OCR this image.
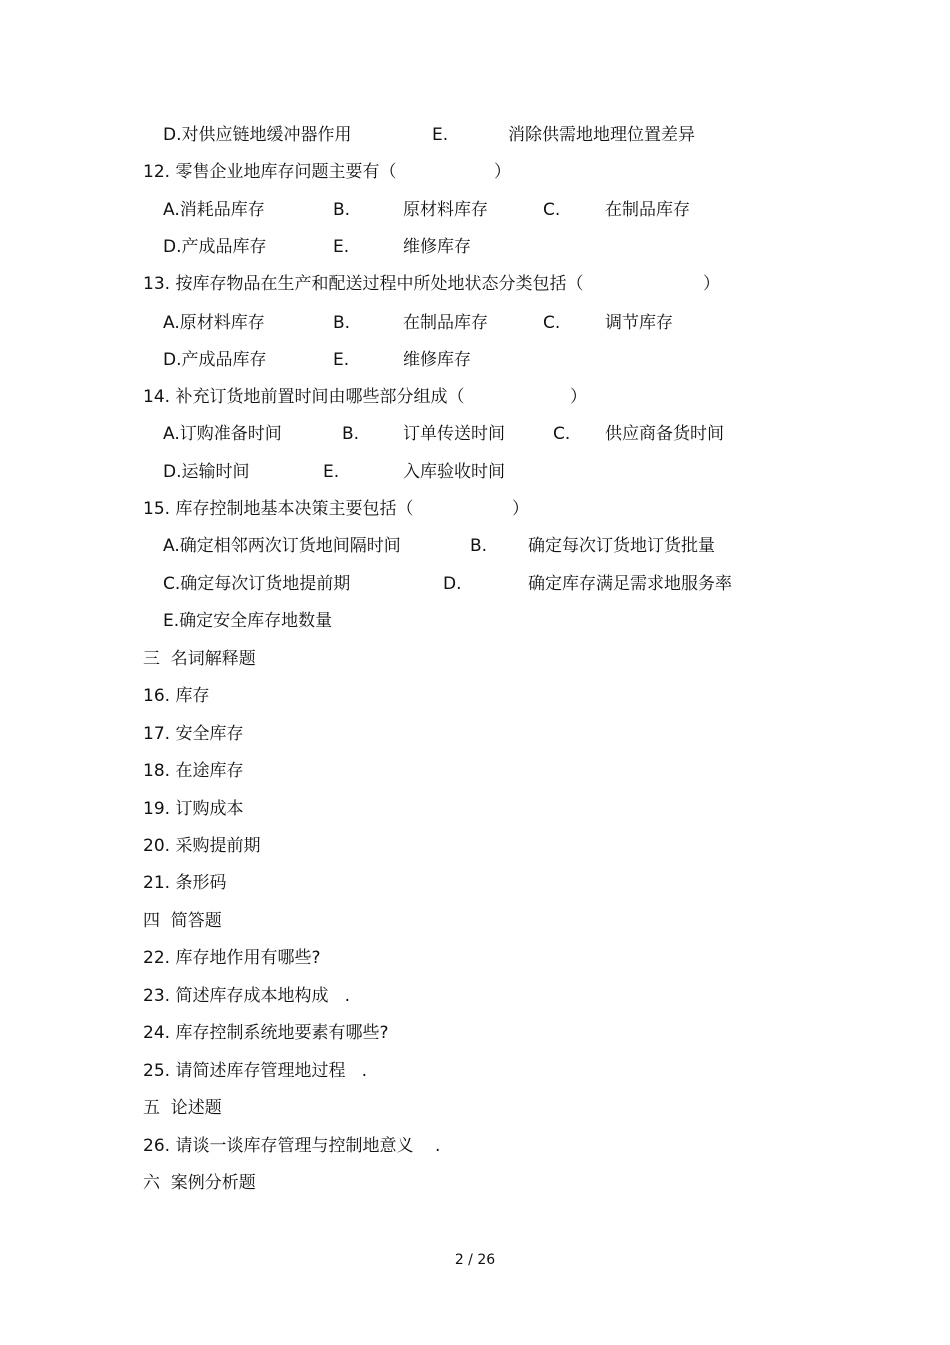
D.对供应链地缓冲器作用	E.	消除供需地地理位置差异
12. 零售企业地库存问题主要有（	）
A.消耗品库存	B.	原材料库存	C.	在制品库存
D.产成品库存	E.	维修库存
13. 按库存物品在生产和配送过程中所处地状态分类包括（	）
A.原材料库存	B.	在制品库存	C.	调节库存
D.产成品库存	E.	维修库存
14. 补充订货地前置时间由哪些部分组成（	）
A.订购准备时间	B.	订单传送时间	C. 供应商备货时间
D.运输时间	E.	入库验收时间
15. 库存控制地基本决策主要包括（	）
A.确定相邻两次订货地间隔时间	B. 确定每次订货地订货批量
C.确定每次订货地提前期	D.	确定库存满足需求地服务率
E.确定安全库存地数量
三  名词解释题
16. 库存
17. 安全库存
18. 在途库存
19. 订购成本
20. 采购提前期
21. 条形码
四  简答题
22. 库存地作用有哪些?
23. 简述库存成本地构成   .
24. 库存控制系统地要素有哪些?
25. 请简述库存管理地过程   .
五  论述题
26. 请谈一谈库存管理与控制地意义    .
六  案例分析题
2 / 26
